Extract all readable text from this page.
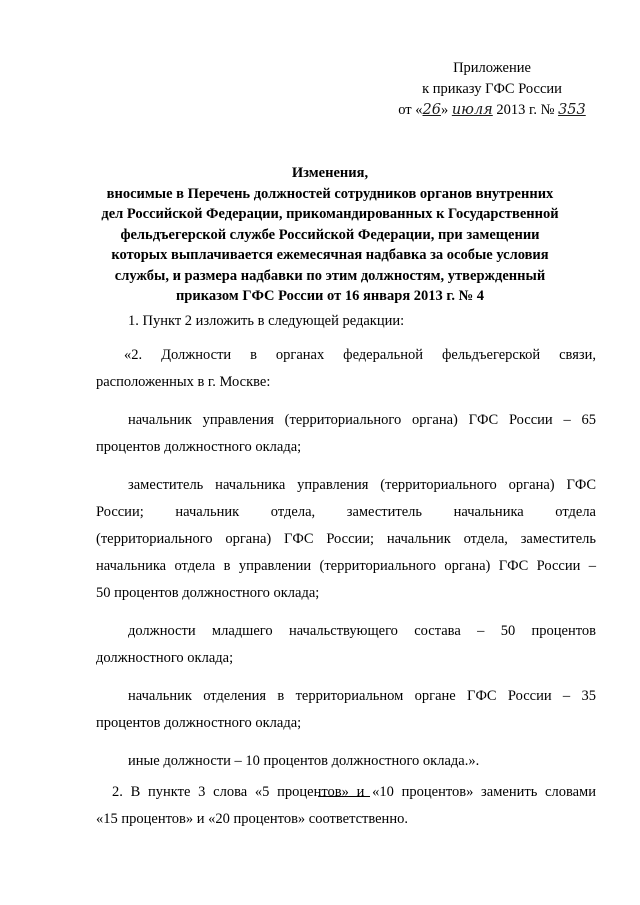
Приложение
к приказу ГФС России
от «26» июля 2013 г. № 353
Изменения,
вносимые в Перечень должностей сотрудников органов внутренних
дел Российской Федерации, прикомандированных к Государственной
фельдъегерской службе Российской Федерации, при замещении
которых выплачивается ежемесячная надбавка за особые условия
службы, и размера надбавки по этим должностям, утвержденный
приказом ГФС России от 16 января 2013 г. № 4
1. Пункт 2 изложить в следующей редакции:
«2. Должности в органах федеральной фельдъегерской связи,
расположенных в г. Москве:
начальник управления (территориального органа) ГФС России – 65
процентов должностного оклада;
заместитель начальника управления (территориального органа) ГФС
России; начальник отдела, заместитель начальника отдела
(территориального органа) ГФС России; начальник отдела, заместитель
начальника отдела в управлении (территориального органа) ГФС России –
50 процентов должностного оклада;
должности младшего начальствующего состава – 50 процентов
должностного оклада;
начальник отделения в территориальном органе ГФС России – 35
процентов должностного оклада;
иные должности – 10 процентов должностного оклада.».
2. В пункте 3 слова «5 процентов» и «10 процентов» заменить словами
«15 процентов» и «20 процентов» соответственно.
